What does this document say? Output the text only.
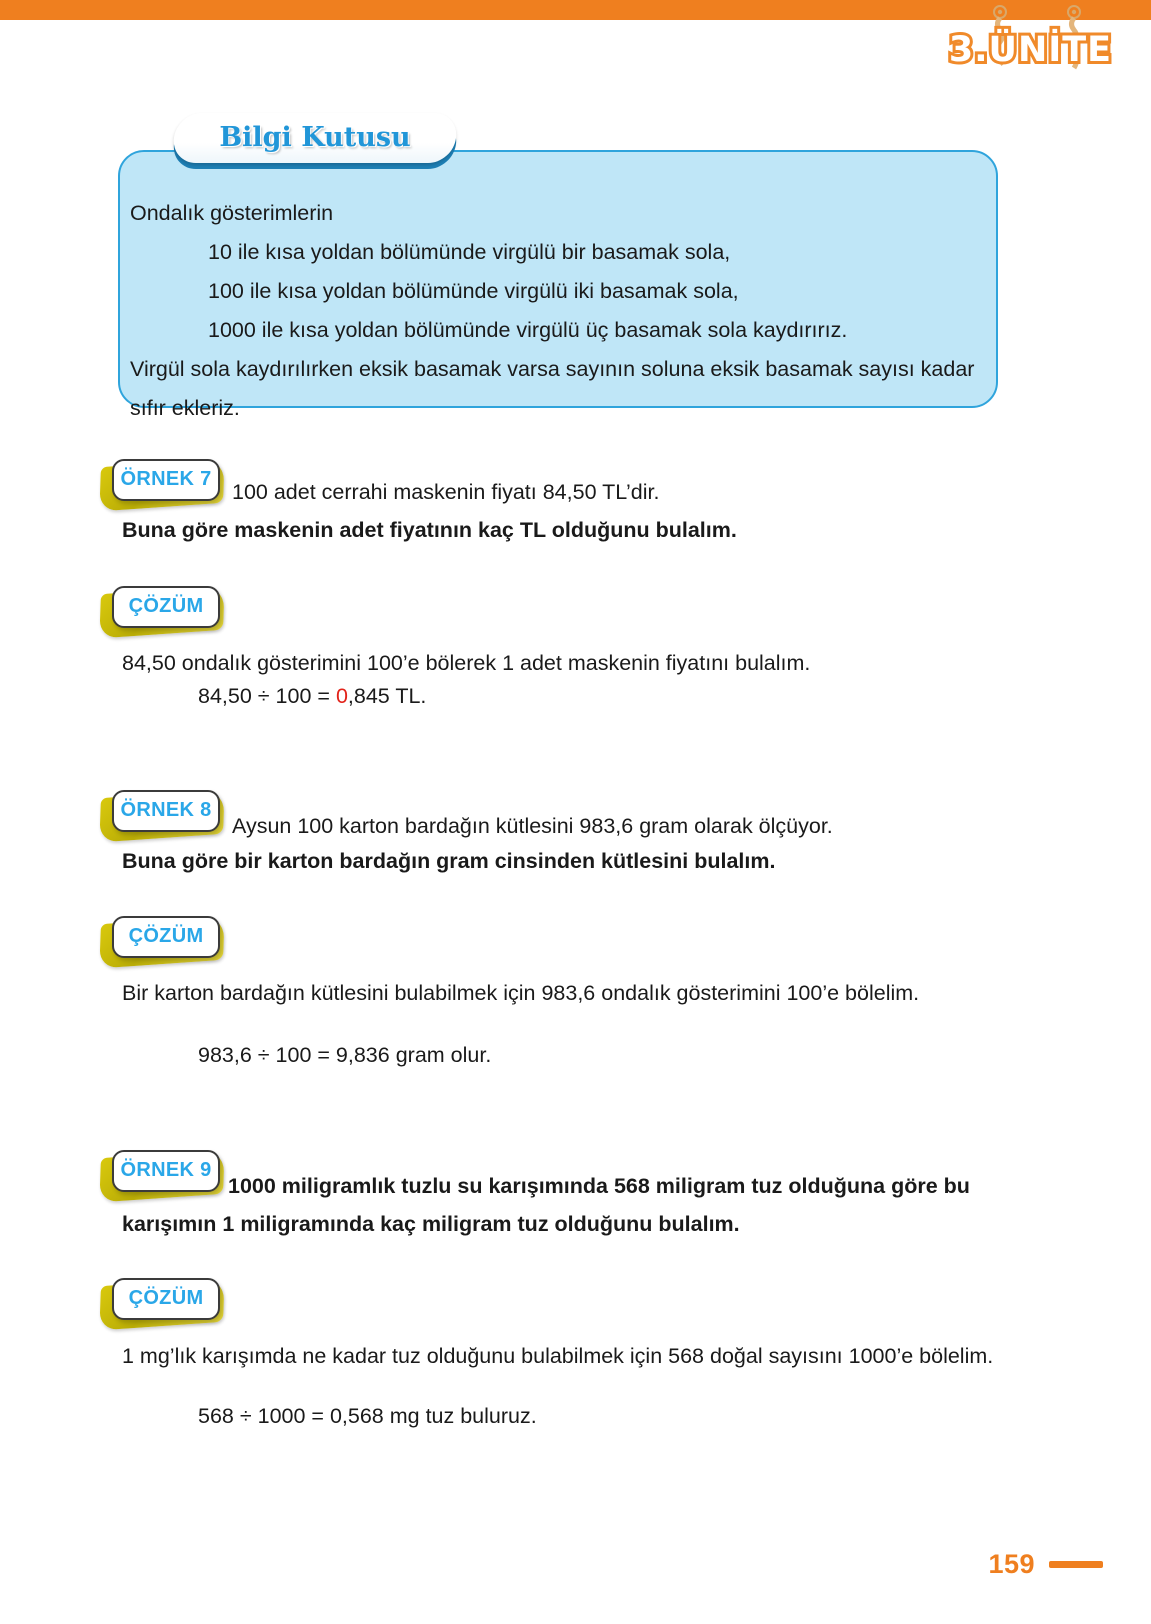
3.ÜNİTE
Ondalık gösterimlerin
10 ile kısa yoldan bölümünde virgülü bir basamak sola,
100 ile kısa yoldan bölümünde virgülü iki basamak sola,
1000 ile kısa yoldan bölümünde virgülü üç basamak sola kaydırırız.
Virgül sola kaydırılırken eksik basamak varsa sayının soluna eksik basamak sayısı kadar
sıfır ekleriz.
Bilgi Kutusu
ÖRNEK 7
100 adet cerrahi maskenin fiyatı 84,50 TL’dir.
Buna göre maskenin adet fiyatının kaç TL olduğunu bulalım.
ÇÖZÜM
84,50 ondalık gösterimini 100’e bölerek 1 adet maskenin fiyatını bulalım.
84,50 ÷ 100 = 0,845 TL.
ÖRNEK 8
Aysun 100 karton bardağın kütlesini 983,6 gram olarak ölçüyor.
Buna göre bir karton bardağın gram cinsinden kütlesini bulalım.
ÇÖZÜM
Bir karton bardağın kütlesini bulabilmek için 983,6 ondalık gösterimini 100’e bölelim.
983,6 ÷ 100 = 9,836 gram olur.
ÖRNEK 9
1000 miligramlık tuzlu su karışımında 568 miligram tuz olduğuna göre bu
karışımın 1 miligramında kaç miligram tuz olduğunu bulalım.
ÇÖZÜM
1 mg’lık karışımda ne kadar tuz olduğunu bulabilmek için 568 doğal sayısını 1000’e bölelim.
568 ÷ 1000 = 0,568 mg tuz buluruz.
159
